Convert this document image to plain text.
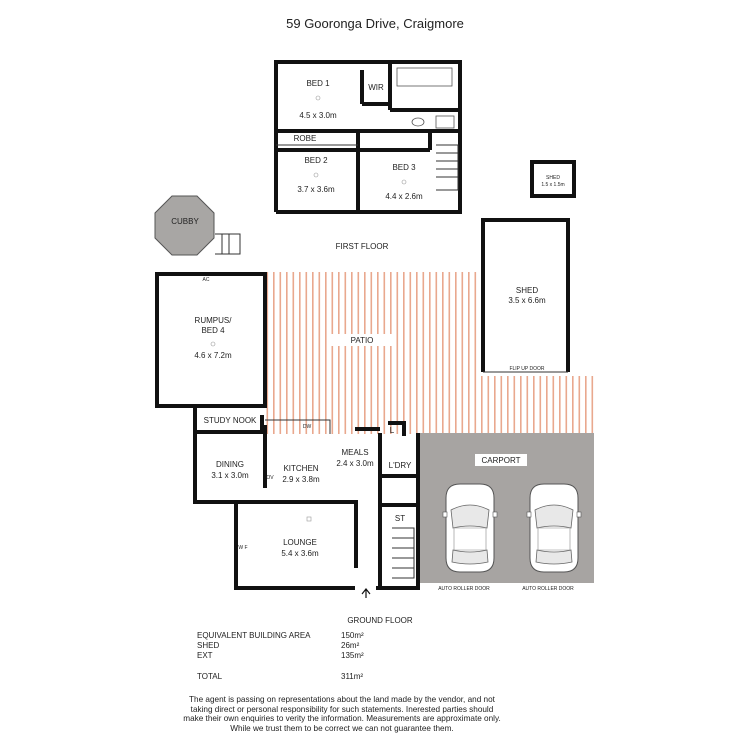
59 Gooronga Drive, Craigmore
BED 1
4.5 x 3.0m
WIR
ROBE
BED 2
3.7 x 3.6m
BED 3
4.4 x 2.6m
SHED
1.5 x 1.5m
CUBBY
FIRST FLOOR
PATIO
CARPORT
AUTO ROLLER DOOR	AUTO ROLLER DOOR
AC
RUMPUS/
BED 4
4.6 x 7.2m
SHED
3.5 x 6.6m
FLIP UP DOOR
STUDY NOOK
DINING
3.1 x 3.0m
KITCHEN
2.9 x 3.8m
DW
OV
MEALS
2.4 x 3.0m
L
L'DRY
ST
LOUNGE
5.4 x 3.6m
W F
GROUND FLOOR
EQUIVALENT BUILDING AREA	150m²
SHED	26m²
EXT	135m²
TOTAL	311m²
The agent is passing on representations about the land made by the vendor, and not taking direct or personal responsibility for such statements. Inerested parties should make their own enquiries to verity the information. Measurements are approximate only. While we trust them to be correct we can not guarantee them.
